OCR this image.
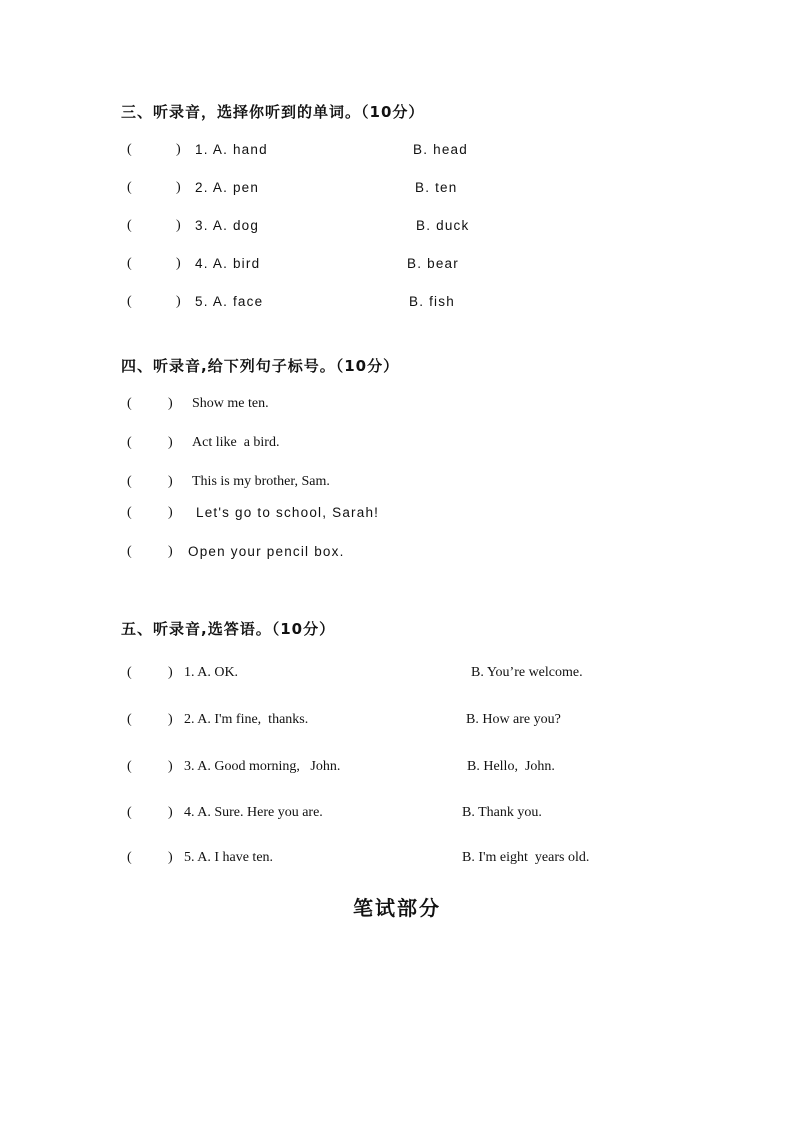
三、听录音，选择你听到的单词。（10分）
(	) 1. A. hand	B. head
(	) 2. A. pen	B. ten
(	) 3. A. dog	B. duck
(	) 4. A. bird	B. bear
(	) 5. A. face	B. fish
四、听录音,给下列句子标号。（10分）
(	) Show me ten.
(	) Act like  a bird.
(	) This is my brother, Sam.
(	) Let's go to school, Sarah!
(	) Open your pencil box.
五、听录音,选答语。（10分）
(	) 1. A. OK.	B. You’re welcome.
(	) 2. A. I'm fine,  thanks.	B. How are you?
(	) 3. A. Good morning,   John.	B. Hello,  John.
(	) 4. A. Sure. Here you are.	B. Thank you.
(	) 5. A. I have ten.	B. I'm eight  years old.
笔试部分
